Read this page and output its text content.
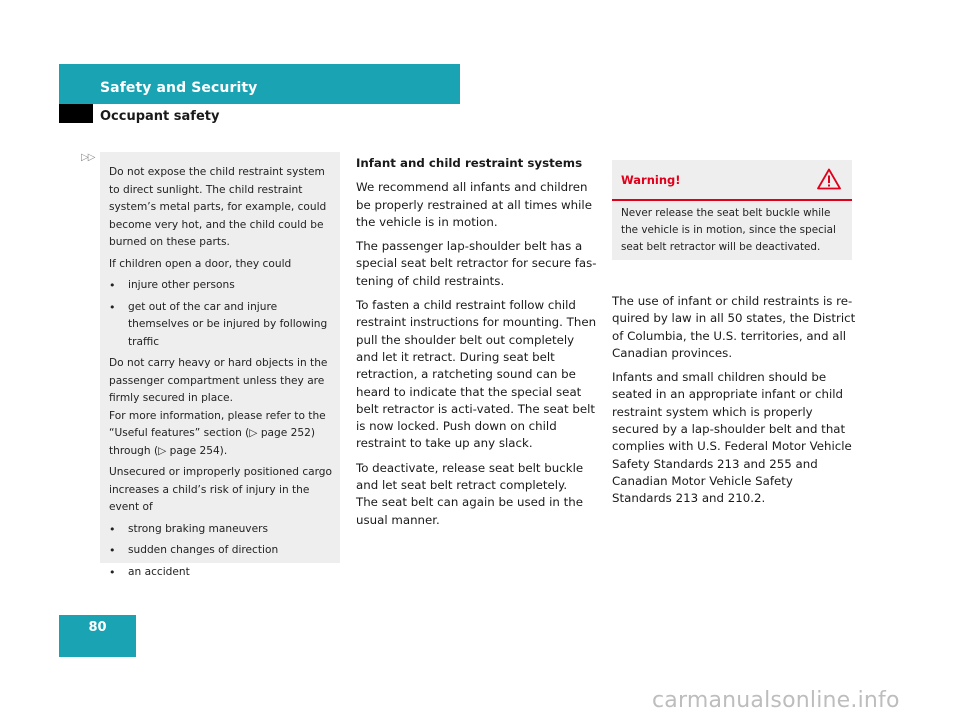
Safety and Security
Occupant safety
▷▷

Do not expose the child restraint system to direct sunlight. The child restraint system’s metal parts, for example, could become very hot, and the child could be burned on these parts.

If children open a door, they could

• injure other persons
• get out of the car and injure themselves or be injured by following traffic

Do not carry heavy or hard objects in the passenger compartment unless they are firmly secured in place.

For more information, please refer to the “Useful features” section (▷ page 252) through (▷ page 254).

Unsecured or improperly positioned cargo increases a child’s risk of injury in the event of

• strong braking maneuvers
• sudden changes of direction
• an accident
Infant and child restraint systems

We recommend all infants and children be properly restrained at all times while the vehicle is in motion.

The passenger lap-shoulder belt has a special seat belt retractor for secure fas-tening of child restraints.

To fasten a child restraint follow child restraint instructions for mounting. Then pull the shoulder belt out completely and let it retract. During seat belt retraction, a ratcheting sound can be heard to indicate that the special seat belt retractor is acti-vated. The seat belt is now locked. Push down on child restraint to take up any slack.

To deactivate, release seat belt buckle and let seat belt retract completely.

The seat belt can again be used in the usual manner.

Warning!
Never release the seat belt buckle while the vehicle is in motion, since the special seat belt retractor will be deactivated.

The use of infant or child restraints is re-quired by law in all 50 states, the District of Columbia, the U.S. territories, and all Canadian provinces.

Infants and small children should be seated in an appropriate infant or child restraint system which is properly secured by a lap-shoulder belt and that complies with U.S. Federal Motor Vehicle Safety Standards 213 and 255 and Canadian Motor Vehicle Safety Standards 213 and 210.2.

80
carmanualsonline.info
